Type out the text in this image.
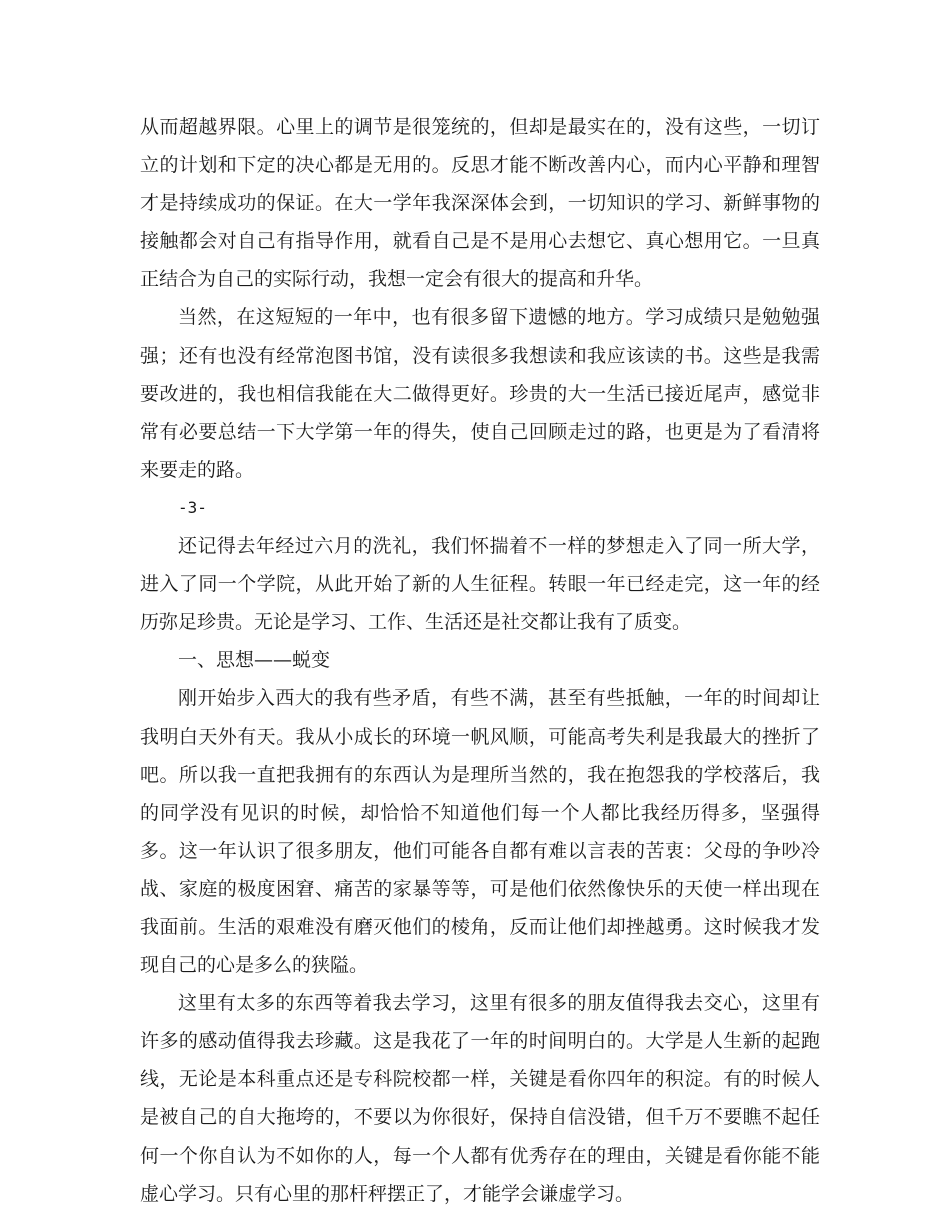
从而超越界限。心里上的调节是很笼统的，但却是最实在的，没有这些，一切订立的计划和下定的决心都是无用的。反思才能不断改善内心，而内心平静和理智才是持续成功的保证。在大一学年我深深体会到，一切知识的学习、新鲜事物的接触都会对自己有指导作用，就看自己是不是用心去想它、真心想用它。一旦真正结合为自己的实际行动，我想一定会有很大的提高和升华。

当然，在这短短的一年中，也有很多留下遗憾的地方。学习成绩只是勉勉强强；还有也没有经常泡图书馆，没有读很多我想读和我应该读的书。这些是我需要改进的，我也相信我能在大二做得更好。珍贵的大一生活已接近尾声，感觉非常有必要总结一下大学第一年的得失，使自己回顾走过的路，也更是为了看清将来要走的路。

-3-

还记得去年经过六月的洗礼，我们怀揣着不一样的梦想走入了同一所大学，进入了同一个学院，从此开始了新的人生征程。转眼一年已经走完，这一年的经历弥足珍贵。无论是学习、工作、生活还是社交都让我有了质变。

一、思想——蜕变

刚开始步入西大的我有些矛盾，有些不满，甚至有些抵触，一年的时间却让我明白天外有天。我从小成长的环境一帆风顺，可能高考失利是我最大的挫折了吧。所以我一直把我拥有的东西认为是理所当然的，我在抱怨我的学校落后，我的同学没有见识的时候，却恰恰不知道他们每一个人都比我经历得多，坚强得多。这一年认识了很多朋友，他们可能各自都有难以言表的苦衷：父母的争吵冷战、家庭的极度困窘、痛苦的家暴等等，可是他们依然像快乐的天使一样出现在我面前。生活的艰难没有磨灭他们的棱角，反而让他们却挫越勇。这时候我才发现自己的心是多么的狭隘。

这里有太多的东西等着我去学习，这里有很多的朋友值得我去交心，这里有许多的感动值得我去珍藏。这是我花了一年的时间明白的。大学是人生新的起跑线，无论是本科重点还是专科院校都一样，关键是看你四年的积淀。有的时候人是被自己的自大拖垮的，不要以为你很好，保持自信没错，但千万不要瞧不起任何一个你自认为不如你的人，每一个人都有优秀存在的理由，关键是看你能不能虚心学习。只有心里的那杆秤摆正了，才能学会谦虚学习。
